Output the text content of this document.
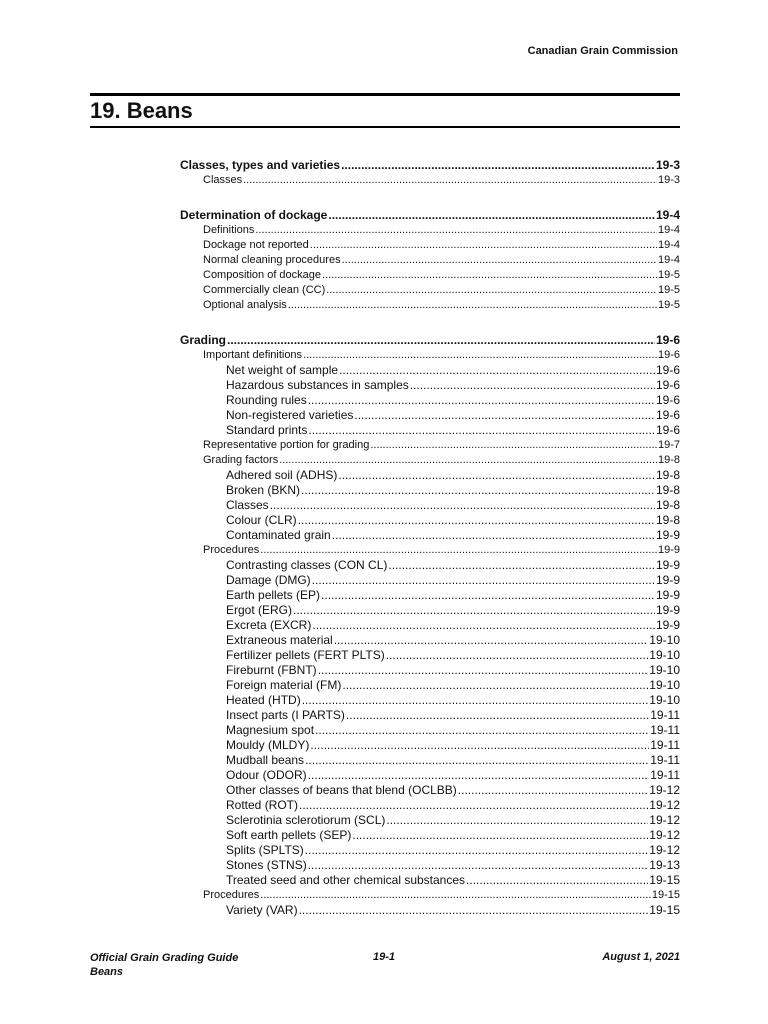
Canadian Grain Commission
19. Beans
Classes, types and varieties .....	19-3
Classes .....	19-3
Determination of dockage .....	19-4
Definitions .....	19-4
Dockage not reported .....	19-4
Normal cleaning procedures .....	19-4
Composition of dockage .....	19-5
Commercially clean (CC) .....	19-5
Optional analysis .....	19-5
Grading .....	19-6
Important definitions .....	19-6
Net weight of sample .....	19-6
Hazardous substances in samples .....	19-6
Rounding rules .....	19-6
Non-registered varieties .....	19-6
Standard prints .....	19-6
Representative portion for grading .....	19-7
Grading factors .....	19-8
Adhered soil (ADHS) .....	19-8
Broken (BKN) .....	19-8
Classes .....	19-8
Colour (CLR) .....	19-8
Contaminated grain .....	19-9
Procedures .....	19-9
Contrasting classes (CON CL) .....	19-9
Damage (DMG) .....	19-9
Earth pellets (EP) .....	19-9
Ergot (ERG) .....	19-9
Excreta (EXCR) .....	19-9
Extraneous material .....	19-10
Fertilizer pellets (FERT PLTS) .....	19-10
Fireburnt (FBNT) .....	19-10
Foreign material (FM) .....	19-10
Heated (HTD) .....	19-10
Insect parts (I PARTS) .....	19-11
Magnesium spot .....	19-11
Mouldy (MLDY) .....	19-11
Mudball beans .....	19-11
Odour (ODOR) .....	19-11
Other classes of beans that blend (OCLBB) .....	19-12
Rotted (ROT) .....	19-12
Sclerotinia sclerotiorum (SCL) .....	19-12
Soft earth pellets (SEP) .....	19-12
Splits (SPLTS) .....	19-12
Stones (STNS) .....	19-13
Treated seed and other chemical substances .....	19-15
Procedures .....	19-15
Variety (VAR) .....	19-15
Official Grain Grading Guide
Beans
19-1	August 1, 2021
